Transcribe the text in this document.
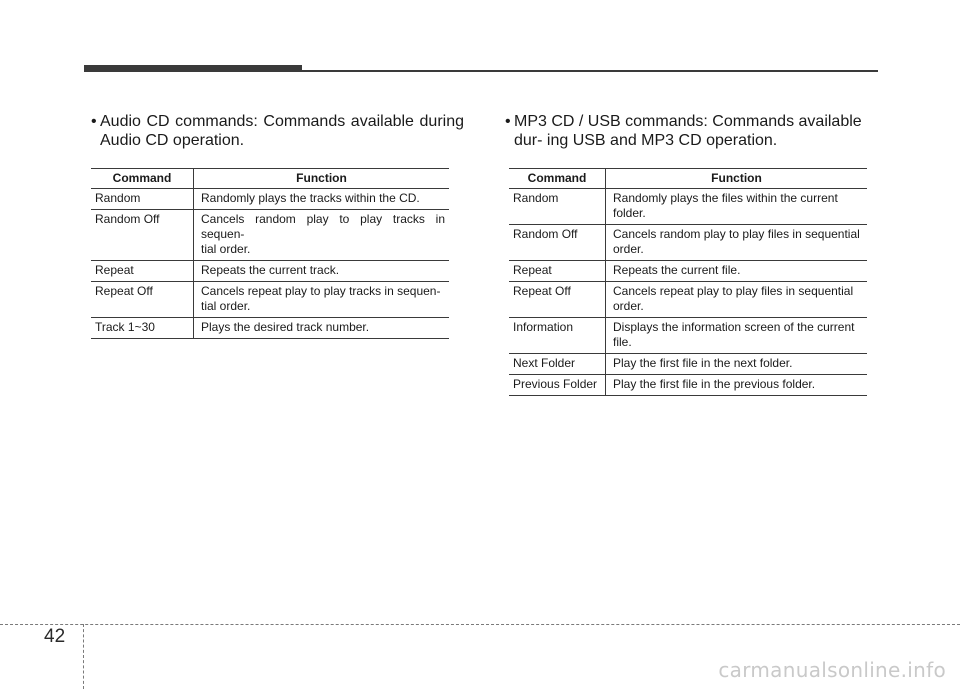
• Audio CD commands: Commands available during Audio CD operation.

• MP3 CD / USB commands: Commands available dur- ing USB and MP3 CD operation.

Command	Function
Random	Randomly plays the tracks within the CD.

Random Off	Cancels random play to play tracks in sequen-
tial order.

Repeat	Repeats the current track.

Repeat Off	Cancels repeat play to play tracks in sequen-
tial order.

Track 1~30	Plays the desired track number.
Command	Function
Random	Randomly plays the files within the current
folder.

Random Off	Cancels random play to play files in sequential
order.

Repeat	Repeats the current file.

Repeat Off	Cancels repeat play to play files in sequential
order.

Information	Displays the information screen of the current
file.

Next Folder	Play the first file in the next folder.

Previous Folder	Play the first file in the previous folder.
42
carmanualsonline.info
